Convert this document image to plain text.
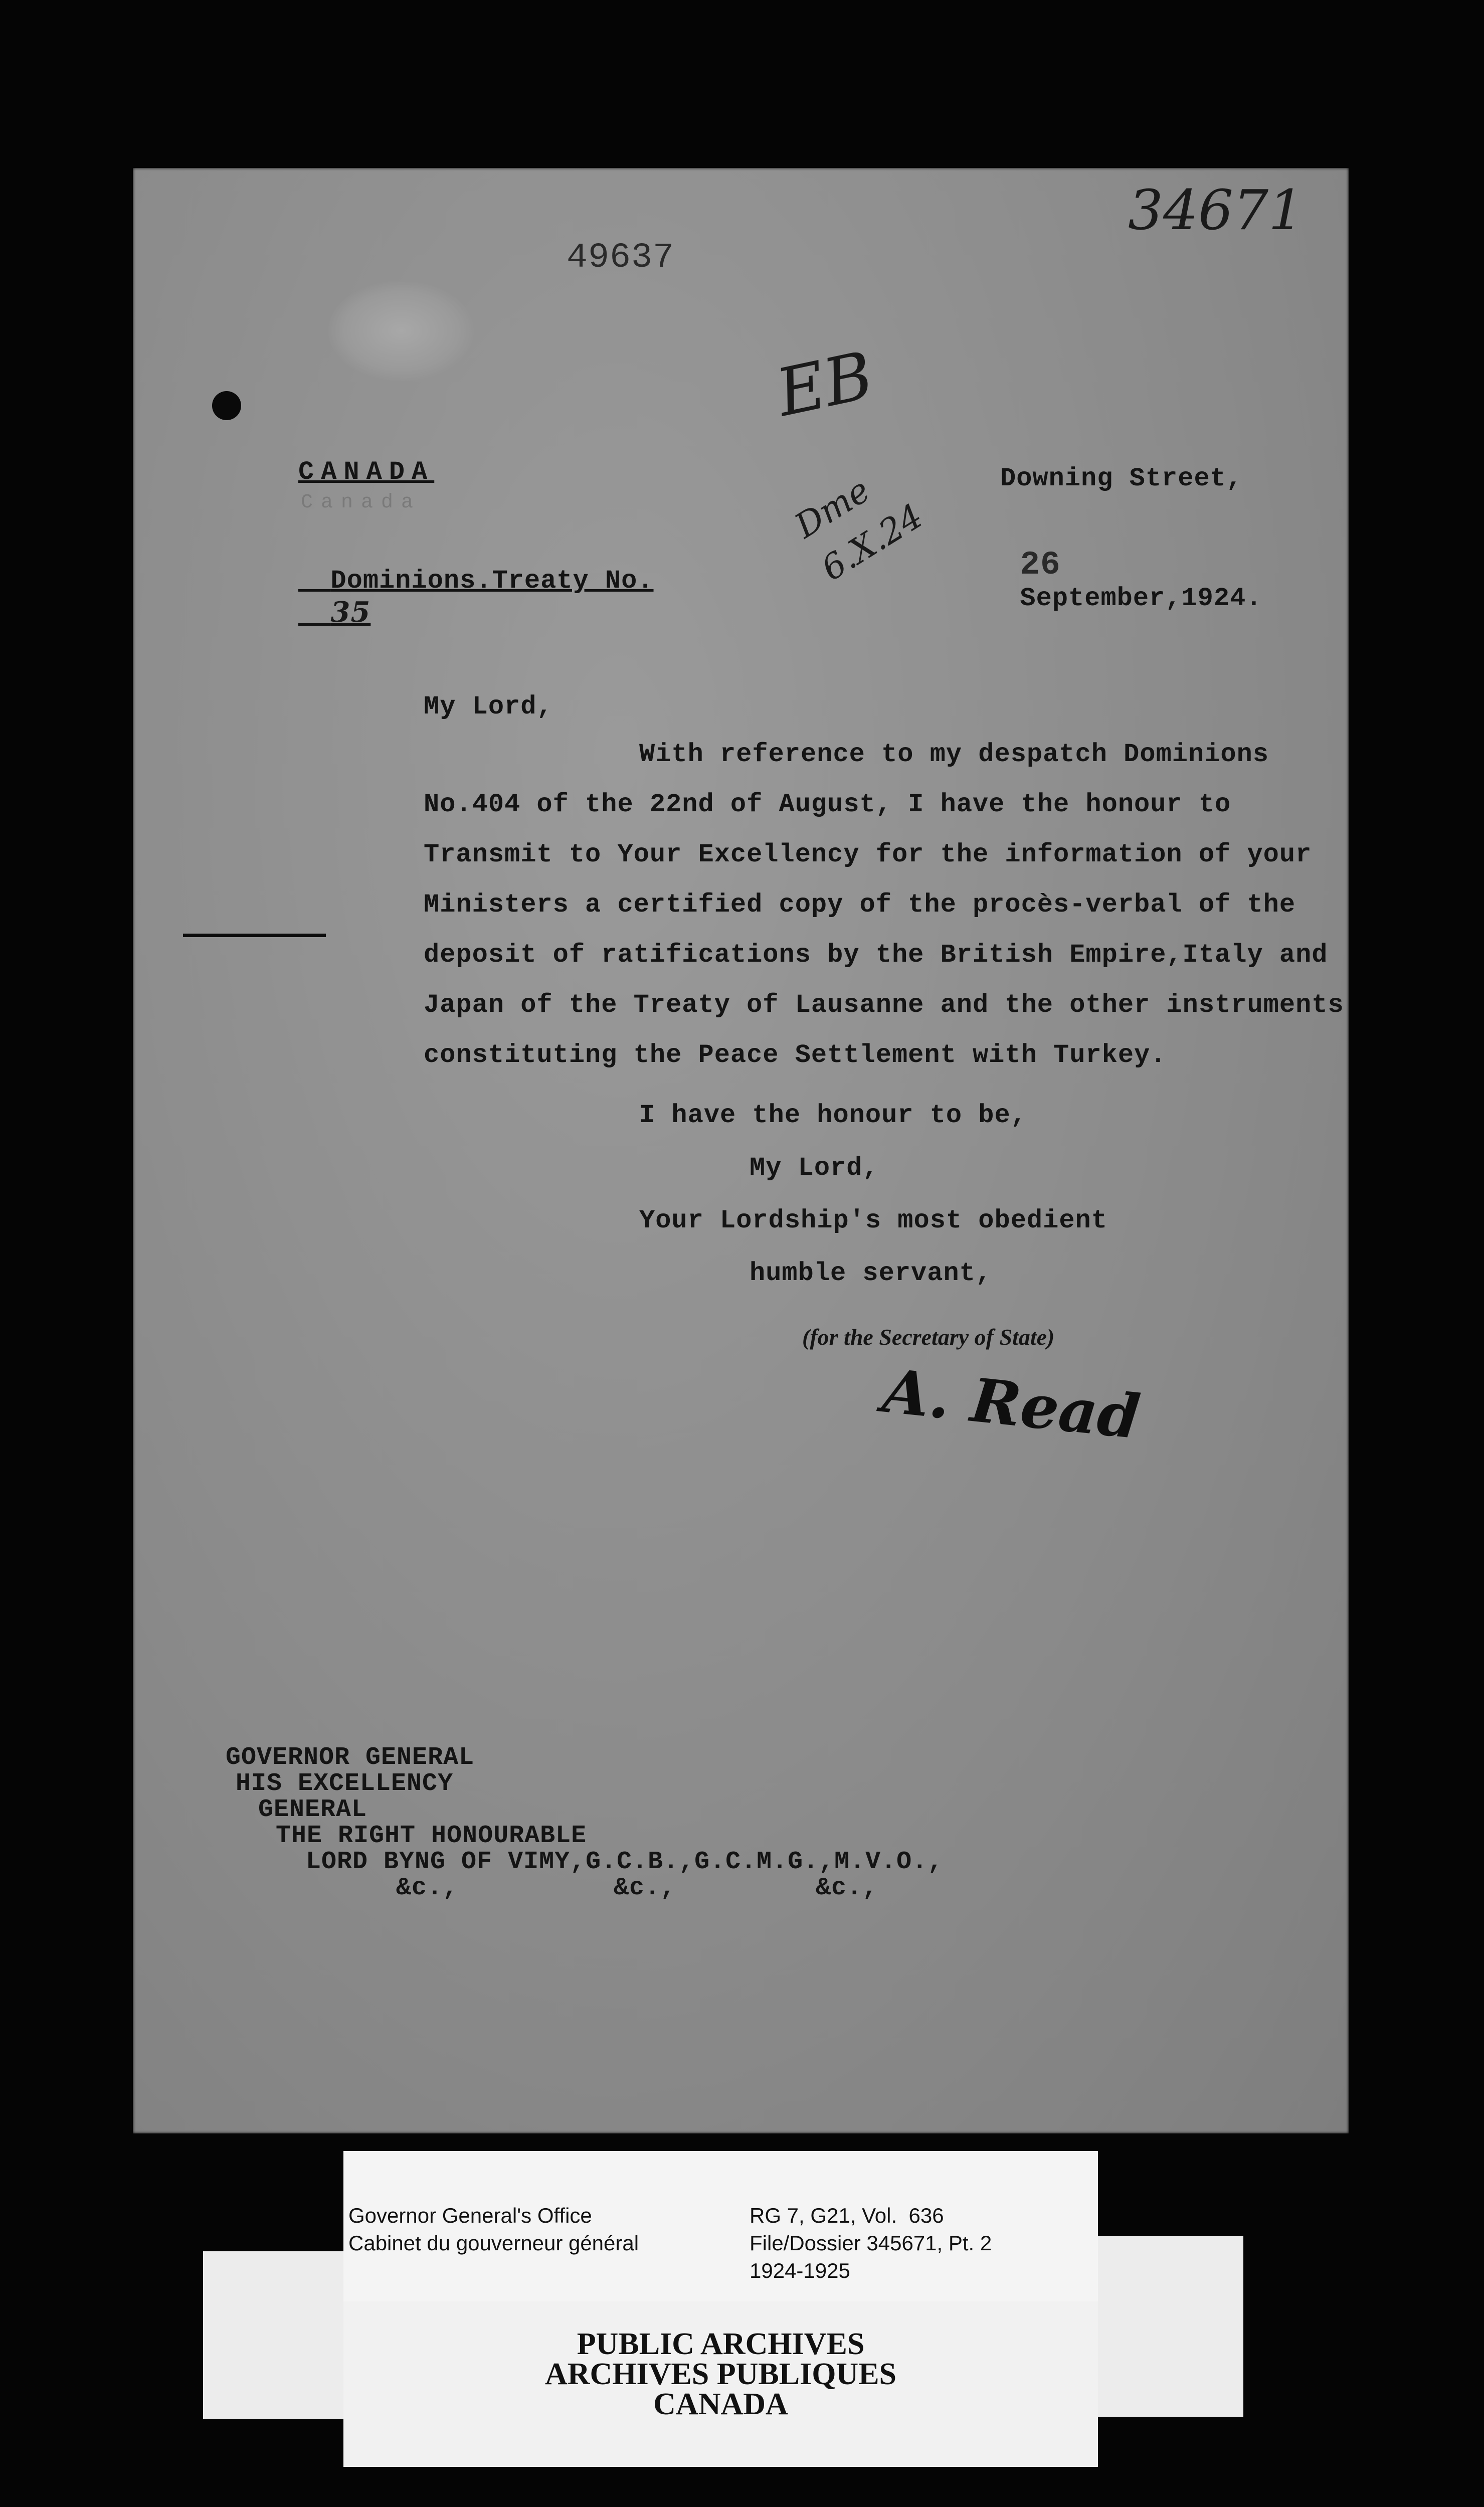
49637
34671
EB
Dme 6.X.24
CANADA
Canada

Dominions.Treaty No.
35

Downing Street,

26
September,1924.

My Lord,
With reference to my despatch Dominions
No.404 of the 22nd of August, I have the honour to
Transmit to Your Excellency for the information of your
Ministers a certified copy of the procès-verbal of the
deposit of ratifications by the British Empire,Italy and
Japan of the Treaty of Lausanne and the other instruments
constituting the Peace Settlement with Turkey.
I have the honour to be,
My Lord,
Your Lordship's most obedient
humble servant,
(for the Secretary of State)
A. Read
GOVERNOR GENERAL
HIS EXCELLENCY
GENERAL
THE RIGHT HONOURABLE
LORD BYNG OF VIMY,G.C.B.,G.C.M.G.,M.V.O.,
&c.,          &c.,         &c.,
Governor General's Office
Cabinet du gouverneur général
RG 7, G21, Vol.  636
File/Dossier 345671, Pt. 2
1924-1925
PUBLIC ARCHIVES
ARCHIVES PUBLIQUES
CANADA
